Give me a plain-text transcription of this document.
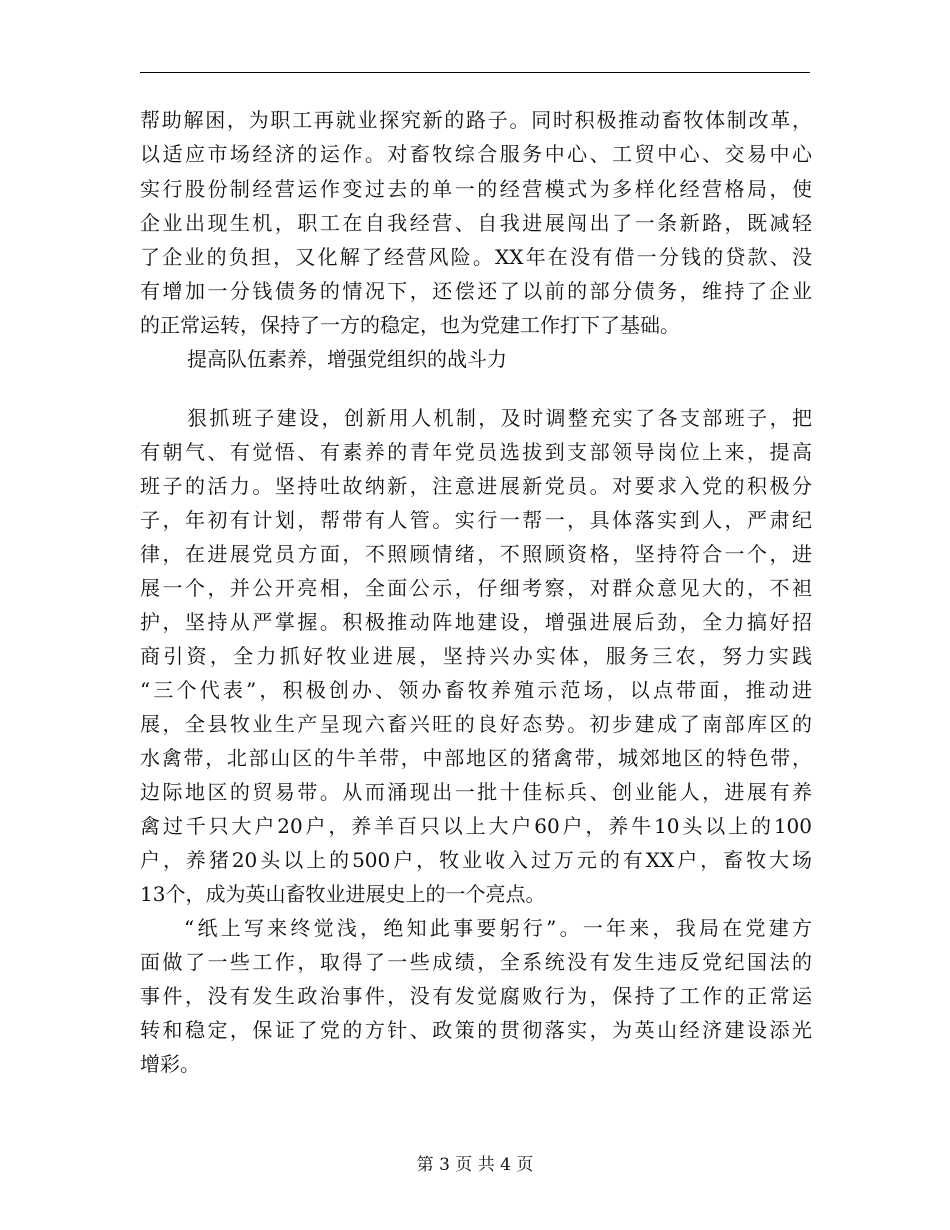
帮助解困，为职工再就业探究新的路子。同时积极推动畜牧体制改革，
以适应市场经济的运作。对畜牧综合服务中心、工贸中心、交易中心
实行股份制经营运作变过去的单一的经营模式为多样化经营格局，使
企业出现生机，职工在自我经营、自我进展闯出了一条新路，既减轻
了企业的负担，又化解了经营风险。XX年在没有借一分钱的贷款、没
有增加一分钱债务的情况下，还偿还了以前的部分债务，维持了企业
的正常运转，保持了一方的稳定，也为党建工作打下了基础。
提高队伍素养，增强党组织的战斗力
狠抓班子建设，创新用人机制，及时调整充实了各支部班子，把
有朝气、有觉悟、有素养的青年党员选拔到支部领导岗位上来，提高
班子的活力。坚持吐故纳新，注意进展新党员。对要求入党的积极分
子，年初有计划，帮带有人管。实行一帮一，具体落实到人，严肃纪
律，在进展党员方面，不照顾情绪，不照顾资格，坚持符合一个，进
展一个，并公开亮相，全面公示，仔细考察，对群众意见大的，不袒
护，坚持从严掌握。积极推动阵地建设，增强进展后劲，全力搞好招
商引资，全力抓好牧业进展，坚持兴办实体，服务三农，努力实践
“三个代表”，积极创办、领办畜牧养殖示范场，以点带面，推动进
展，全县牧业生产呈现六畜兴旺的良好态势。初步建成了南部库区的
水禽带，北部山区的牛羊带，中部地区的猪禽带，城郊地区的特色带，
边际地区的贸易带。从而涌现出一批十佳标兵、创业能人，进展有养
禽过千只大户20户，养羊百只以上大户60户，养牛10头以上的100
户，养猪20头以上的500户，牧业收入过万元的有XX户，畜牧大场
13个，成为英山畜牧业进展史上的一个亮点。
“纸上写来终觉浅，绝知此事要躬行”。一年来，我局在党建方
面做了一些工作，取得了一些成绩，全系统没有发生违反党纪国法的
事件，没有发生政治事件，没有发觉腐败行为，保持了工作的正常运
转和稳定，保证了党的方针、政策的贯彻落实，为英山经济建设添光
增彩。
第 3 页 共 4 页
